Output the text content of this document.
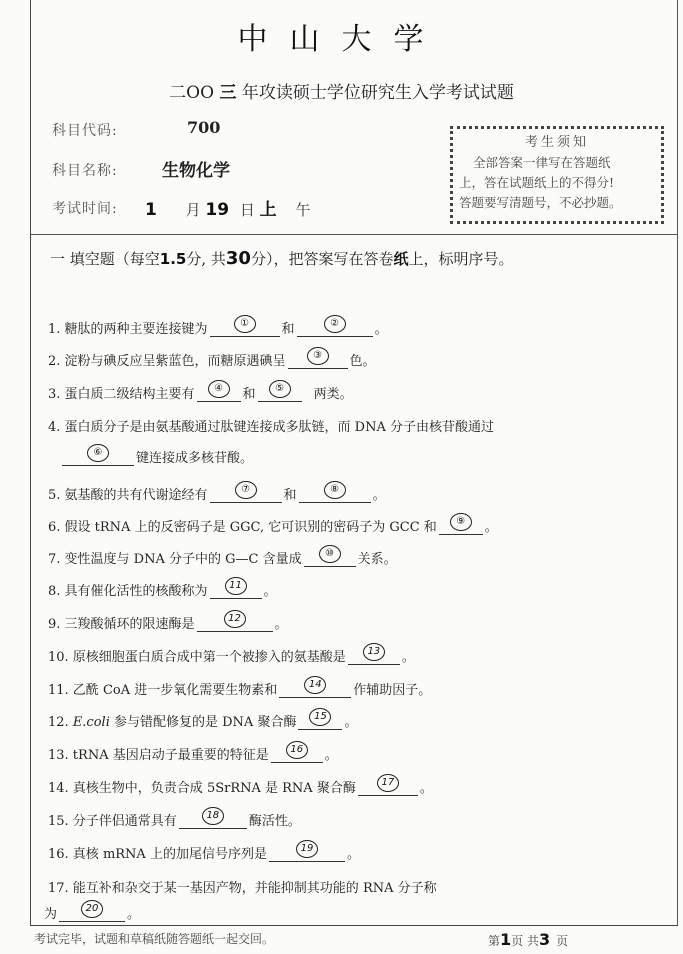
中山大学
二OO 三 年攻读硕士学位研究生入学考试试题
科目代码:	700
科目名称:	生物化学
考试时间: 1 月 19 日 上 午
考生须知
全部答案一律写在答题纸
上，答在试题纸上的不得分!
答题要写清题号，不必抄题。
一 填空题（每空1.5分, 共30分），把答案写在答卷纸上，标明序号。
1. 糖肽的两种主要连接键为	①	和	②	。
2. 淀粉与碘反应呈紫蓝色，而糖原遇碘呈	③ 色。
3. 蛋白质二级结构主要有 ④ 和 ⑤ 两类。
4. 蛋白质分子是由氨基酸通过肽键连接成多肽链，而 DNA 分子由核苷酸通过
⑥	键连接成多核苷酸。
5. 氨基酸的共有代谢途经有	⑦	和	⑧	。
6. 假设 tRNA 上的反密码子是 GGC, 它可识别的密码子为 GCC 和 ⑨ 。
7. 变性温度与 DNA 分子中的 G—C 含量成 ⑩ 关系。
8. 具有催化活性的核酸称为 11 。
9. 三羧酸循环的限速酶是	12	。
10. 原核细胞蛋白质合成中第一个被掺入的氨基酸是 13 。
11. 乙酰 CoA 进一步氧化需要生物素和	14 作辅助因子。
12. E.coli 参与错配修复的是 DNA 聚合酶 15 。
13. tRNA 基因启动子最重要的特征是 16 。
14. 真核生物中，负责合成 5SrRNA 是 RNA 聚合酶	17 。
15. 分子伴侣通常具有	18 酶活性。
16. 真核 mRNA 上的加尾信号序列是	19	。
17. 能互补和杂交于某一基因产物，并能抑制其功能的 RNA 分子称
为	20 。
考试完毕，试题和草稿纸随答题纸一起交回。	第1页 共3 页
